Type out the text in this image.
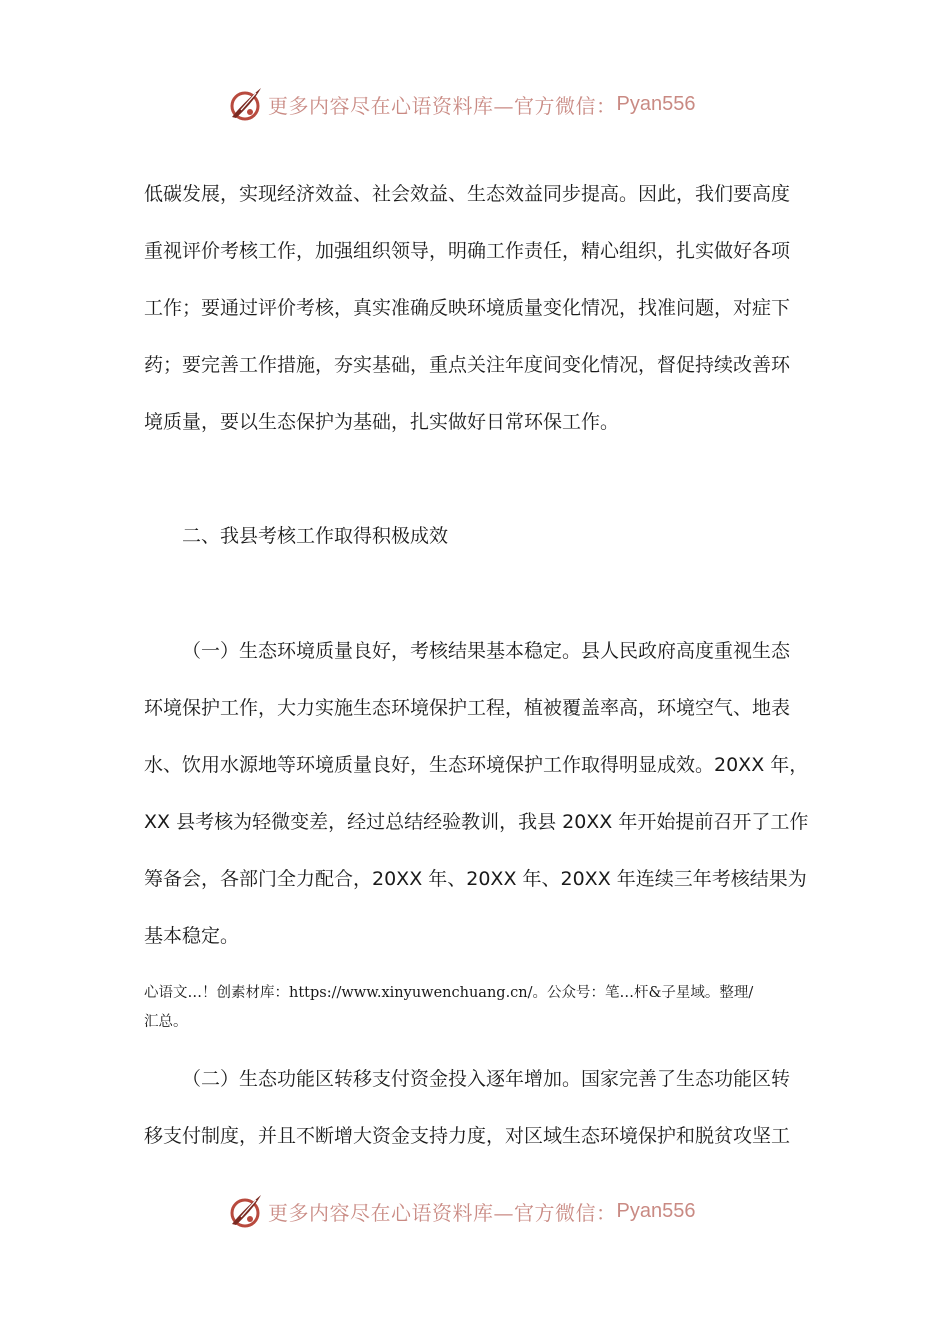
更多内容尽在心语资料库—官方微信： Pyan556
低碳发展，实现经济效益、社会效益、生态效益同步提高。因此，我们要高度
重视评价考核工作，加强组织领导，明确工作责任，精心组织，扎实做好各项
工作；要通过评价考核，真实准确反映环境质量变化情况，找准问题，对症下
药；要完善工作措施，夯实基础，重点关注年度间变化情况，督促持续改善环
境质量，要以生态保护为基础，扎实做好日常环保工作。
二、我县考核工作取得积极成效
（一）生态环境质量良好，考核结果基本稳定。县人民政府高度重视生态
环境保护工作，大力实施生态环境保护工程，植被覆盖率高，环境空气、地表
水、饮用水源地等环境质量良好，生态环境保护工作取得明显成效。20XX 年，
XX 县考核为轻微变差，经过总结经验教训，我县 20XX 年开始提前召开了工作
筹备会，各部门全力配合，20XX 年、20XX 年、20XX 年连续三年考核结果为
基本稳定。
心语文…！创素材库：https://www.xinyuwenchuang.cn/。公众号：笔…杆&子星域。整理/
汇总。
（二）生态功能区转移支付资金投入逐年增加。国家完善了生态功能区转
移支付制度，并且不断增大资金支持力度，对区域生态环境保护和脱贫攻坚工
更多内容尽在心语资料库—官方微信： Pyan556
